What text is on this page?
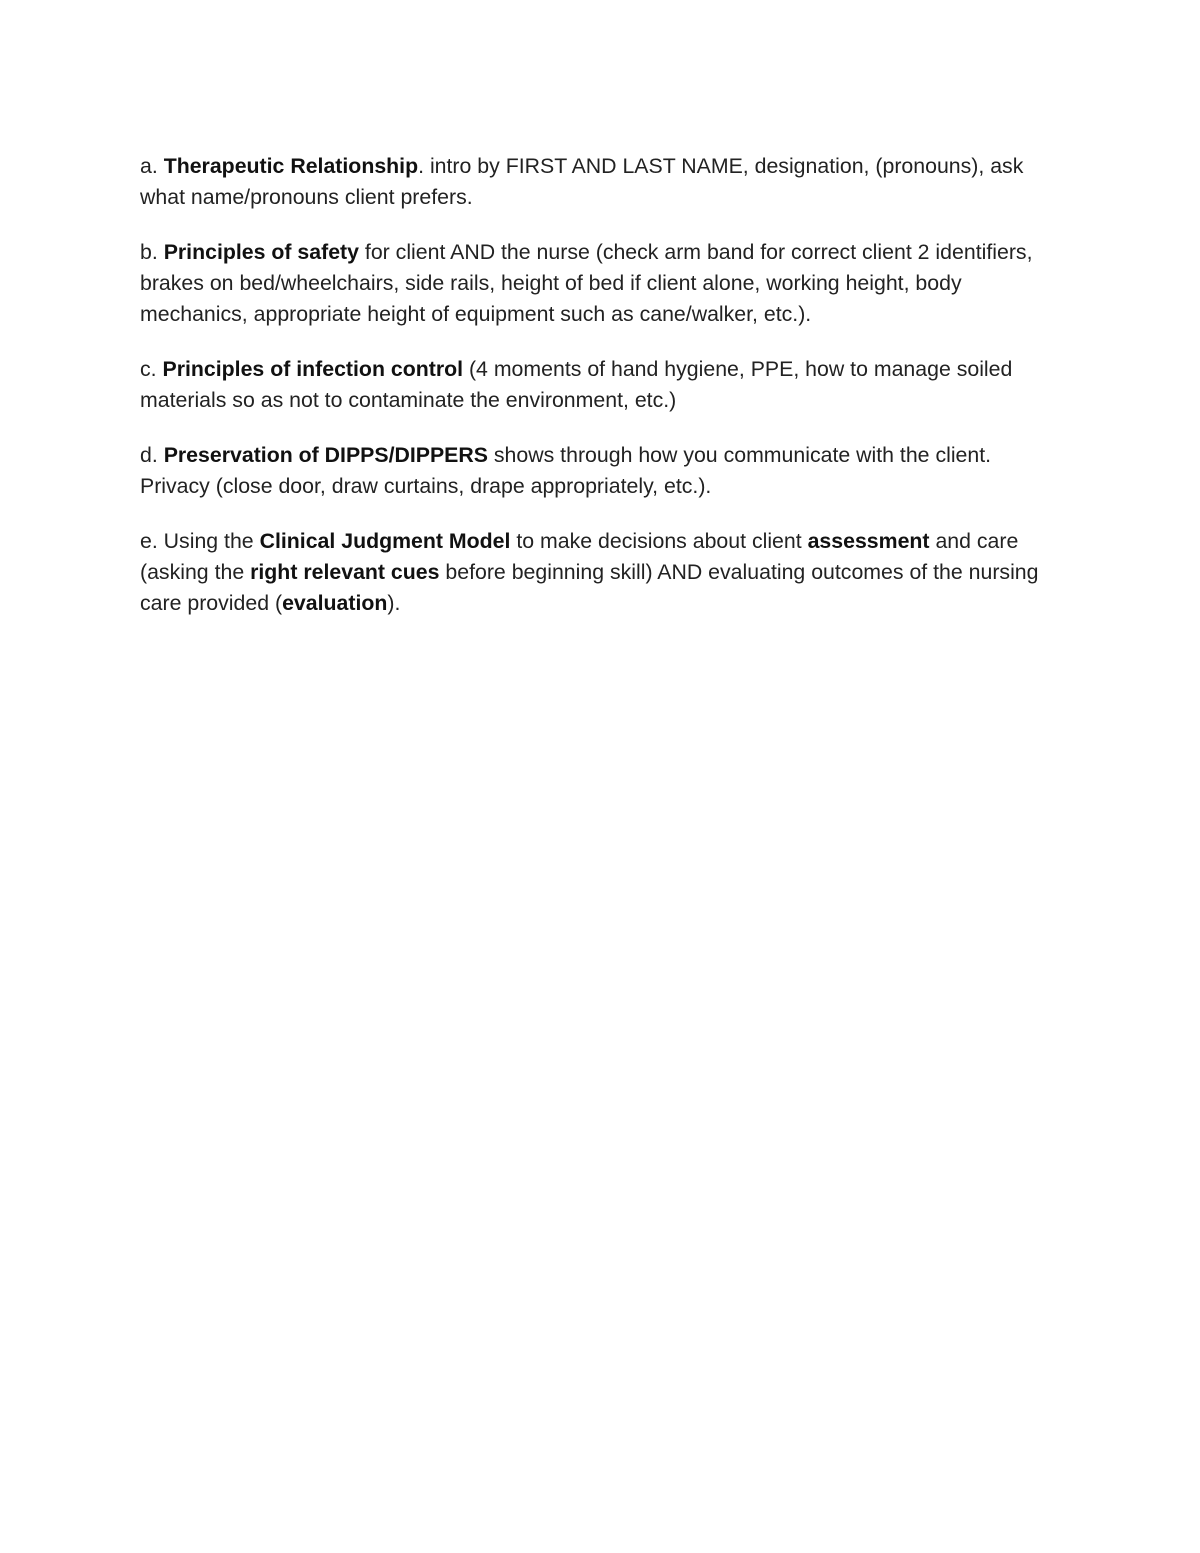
a. Therapeutic Relationship. intro by FIRST AND LAST NAME, designation, (pronouns), ask what name/pronouns client prefers.

b. Principles of safety for client AND the nurse (check arm band for correct client 2 identifiers, brakes on bed/wheelchairs, side rails, height of bed if client alone, working height, body mechanics, appropriate height of equipment such as cane/walker, etc.).

c. Principles of infection control (4 moments of hand hygiene, PPE, how to manage soiled materials so as not to contaminate the environment, etc.)

d. Preservation of DIPPS/DIPPERS shows through how you communicate with the client. Privacy (close door, draw curtains, drape appropriately, etc.).

e. Using the Clinical Judgment Model to make decisions about client assessment and care (asking the right relevant cues before beginning skill) AND evaluating outcomes of the nursing care provided (evaluation).
